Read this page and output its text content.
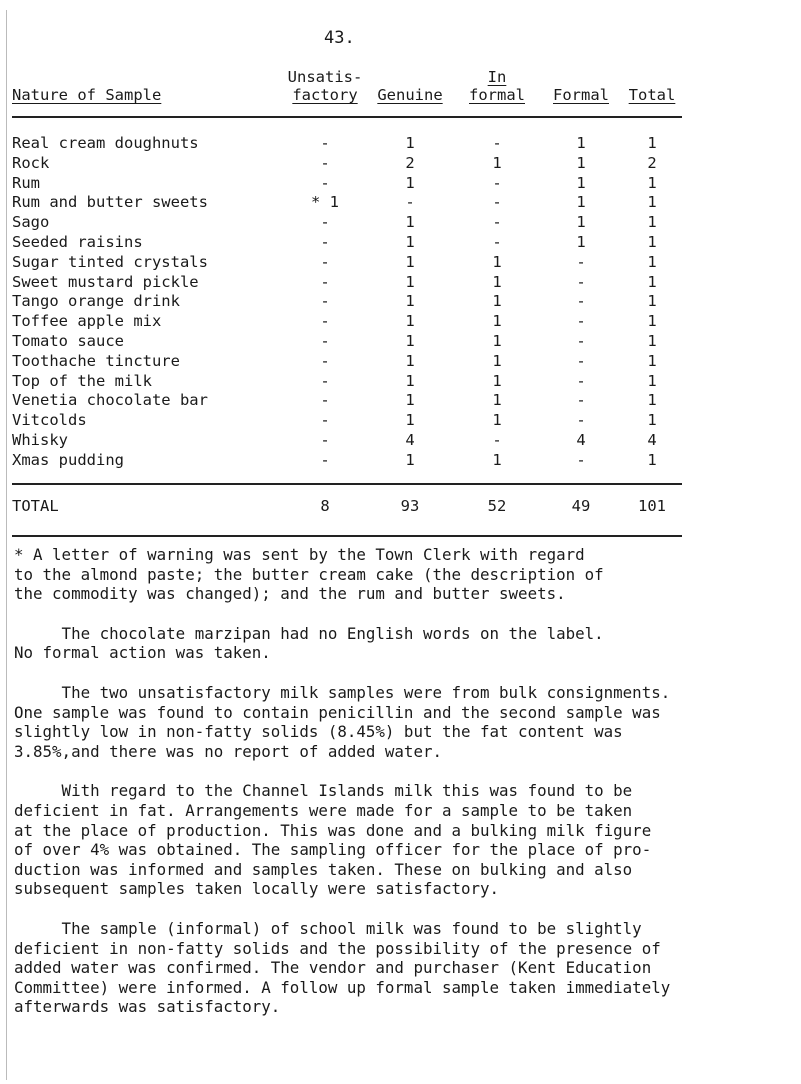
43.
	Unsatis-		In		
Nature of Sample	factory	Genuine	formal	Formal	Total

Real cream doughnuts	-	1	-	1	1
Rock	-	2	1	1	2
Rum	-	1	-	1	1
Rum and butter sweets	* 1	-	-	1	1
Sago	-	1	-	1	1
Seeded raisins	-	1	-	1	1
Sugar tinted crystals	-	1	1	-	1
Sweet mustard pickle	-	1	1	-	1
Tango orange drink	-	1	1	-	1
Toffee apple mix	-	1	1	-	1
Tomato sauce	-	1	1	-	1
Toothache tincture	-	1	1	-	1
Top of the milk	-	1	1	-	1
Venetia chocolate bar	-	1	1	-	1
Vitcolds	-	1	1	-	1
Whisky	-	4	-	4	4
Xmas pudding	-	1	1	-	1

TOTAL	8	93	52	49	101

* A letter of warning was sent by the Town Clerk with regard

to the almond paste; the butter cream cake (the description of

the commodity was changed); and the rum and butter sweets.

The chocolate marzipan had no English words on the label.

No formal action was taken.

The two unsatisfactory milk samples were from bulk consignments.

One sample was found to contain penicillin and the second sample was

slightly low in non-fatty solids (8.45%) but the fat content was

3.85%,and there was no report of added water.

With regard to the Channel Islands milk this was found to be

deficient in fat. Arrangements were made for a sample to be taken

at the place of production. This was done and a bulking milk figure

of over 4% was obtained. The sampling officer for the place of pro-

duction was informed and samples taken. These on bulking and also

subsequent samples taken locally were satisfactory.

The sample (informal) of school milk was found to be slightly

deficient in non-fatty solids and the possibility of the presence of

added water was confirmed. The vendor and purchaser (Kent Education

Committee) were informed. A follow up formal sample taken immediately

afterwards was satisfactory.
